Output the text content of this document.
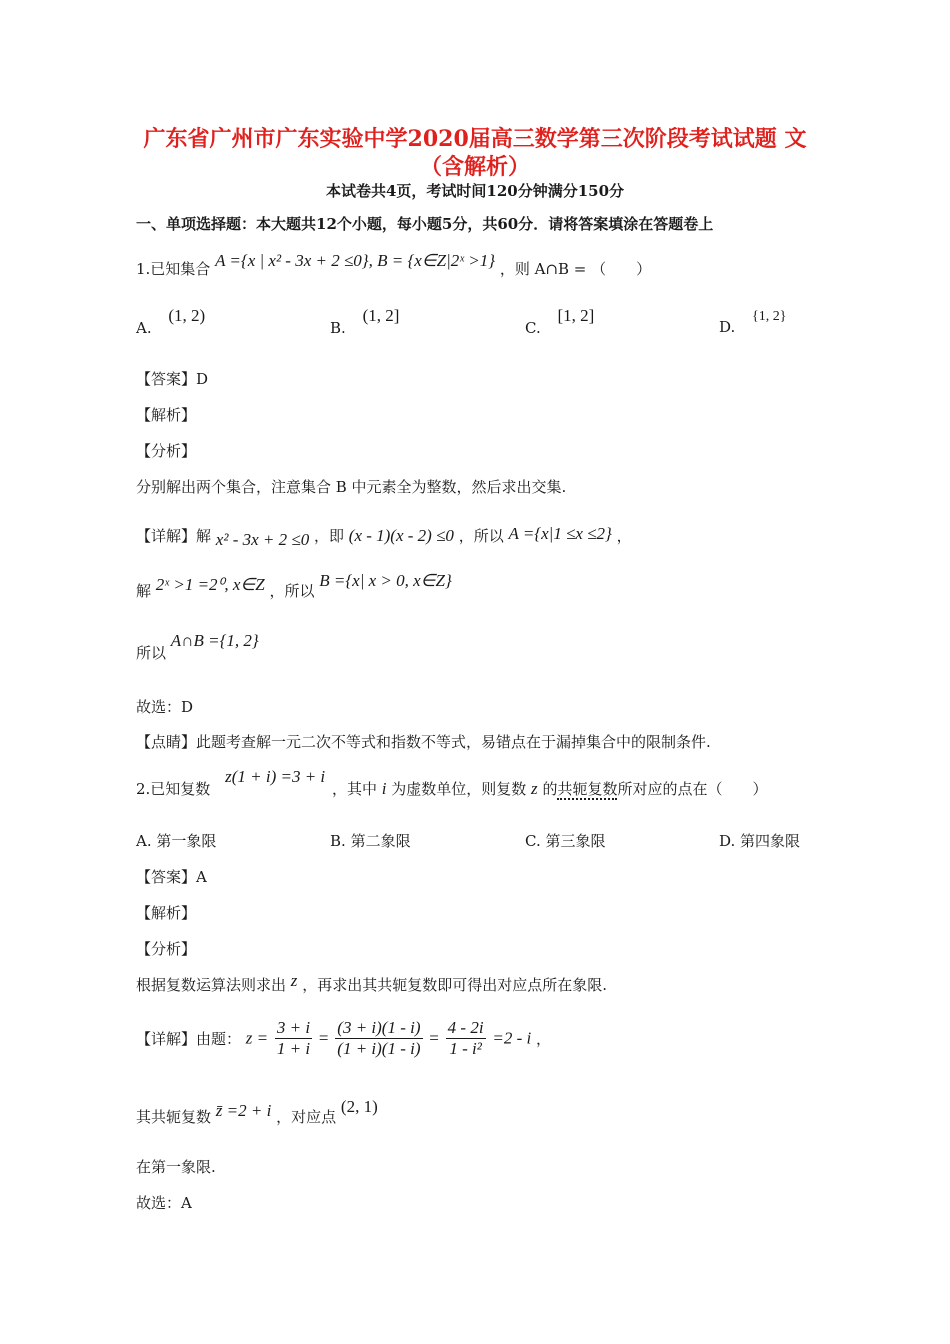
广东省广州市广东实验中学2020届高三数学第三次阶段考试试题 文
（含解析）
本试卷共4页，考试时间120分钟满分150分
一、单项选择题：本大题共12个小题，每小题5分，共60分．请将答案填涂在答题卷上
1.已知集合 A ={x | x² - 3x + 2 ≤0}, B = {x∈Z|2ˣ >1} ，则 A∩B = （　　）
A. (1, 2)
B. (1, 2]
C. [1, 2]
D. {1, 2}
【答案】D
【解析】
【分析】
分别解出两个集合，注意集合 B 中元素全为整数，然后求出交集.
【详解】解 x² - 3x + 2 ≤0 ，即 (x - 1)(x - 2) ≤0 ，所以 A ={x|1 ≤x ≤2} ，
解 2ˣ >1 =2⁰, x∈Z ，所以 B ={x| x > 0, x∈Z}
所以 A∩B ={1, 2}
故选：D
【点睛】此题考查解一元二次不等式和指数不等式，易错点在于漏掉集合中的限制条件.
2.已知复数 z(1 + i) =3 + i ，其中 i 为虚数单位，则复数 z 的共轭复数所对应的点在（　　）
A. 第一象限	B. 第二象限	C. 第三象限	D. 第四象限
【答案】A
【解析】
【分析】
根据复数运算法则求出 z ，再求出其共轭复数即可得出对应点所在象限.
【详解】由题： $z = \frac{3 + i}{1 + i} = \frac{(3 + i)(1 - i)}{(1 + i)(1 - i)} = \frac{4 - 2i}{\text{1 - i²}} =2 - i$ ，
其共轭复数 z̄ =2 + i ，对应点 (2, 1)
在第一象限.
故选：A
